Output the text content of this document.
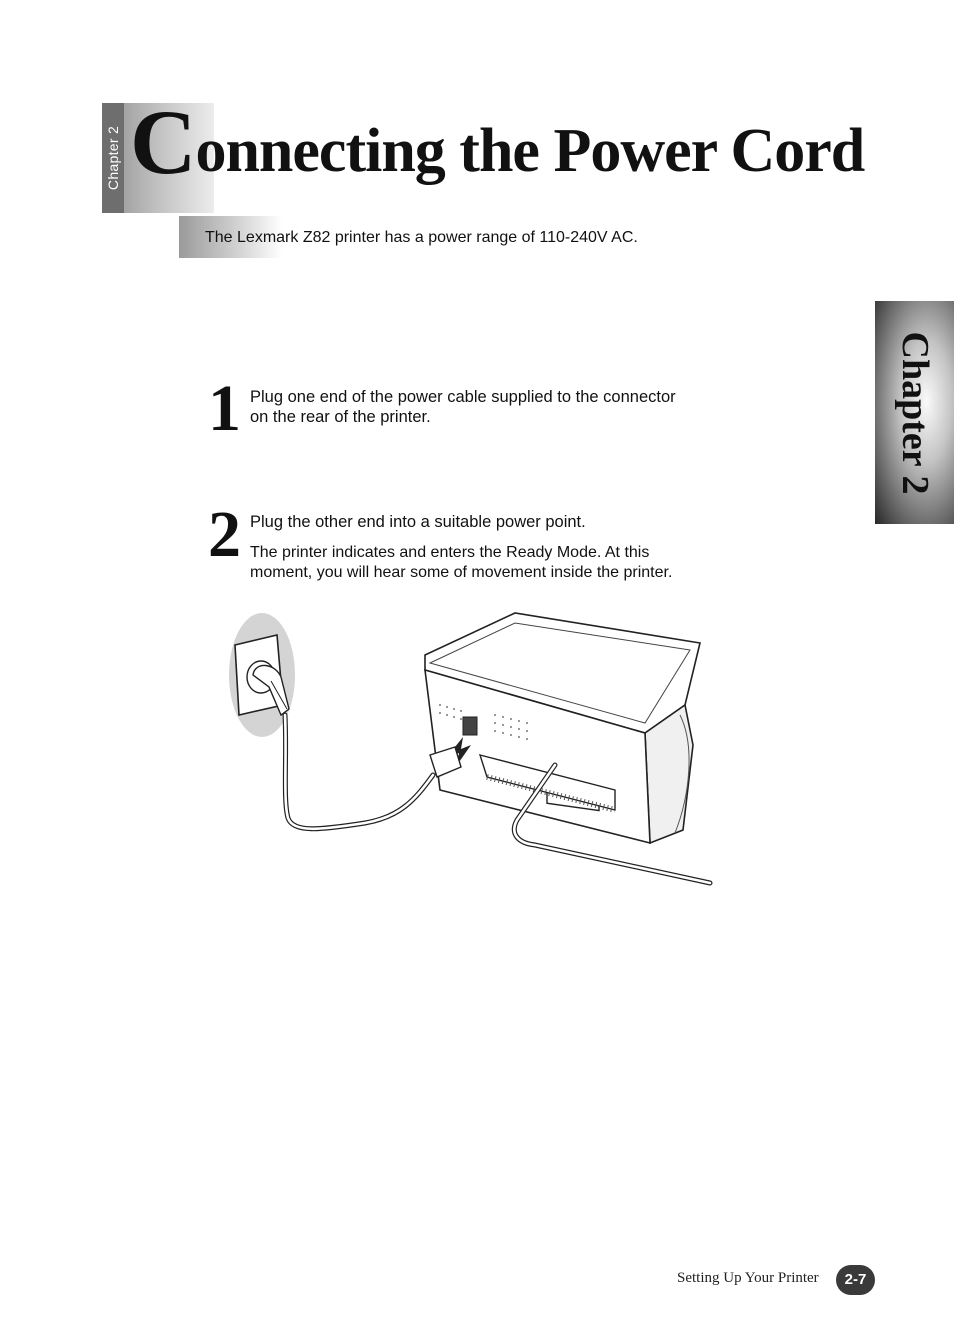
Chapter 2 Connecting the Power Cord
The Lexmark Z82 printer has a power range of 110-240V AC.
Chapter 2
1 Plug one end of the power cable supplied to the connector
on the rear of the printer.

2 Plug the other end into a suitable power point.

The printer indicates and enters the Ready Mode. At this
moment, you will hear some of movement inside the printer.

Setting Up Your Printer	2-7
